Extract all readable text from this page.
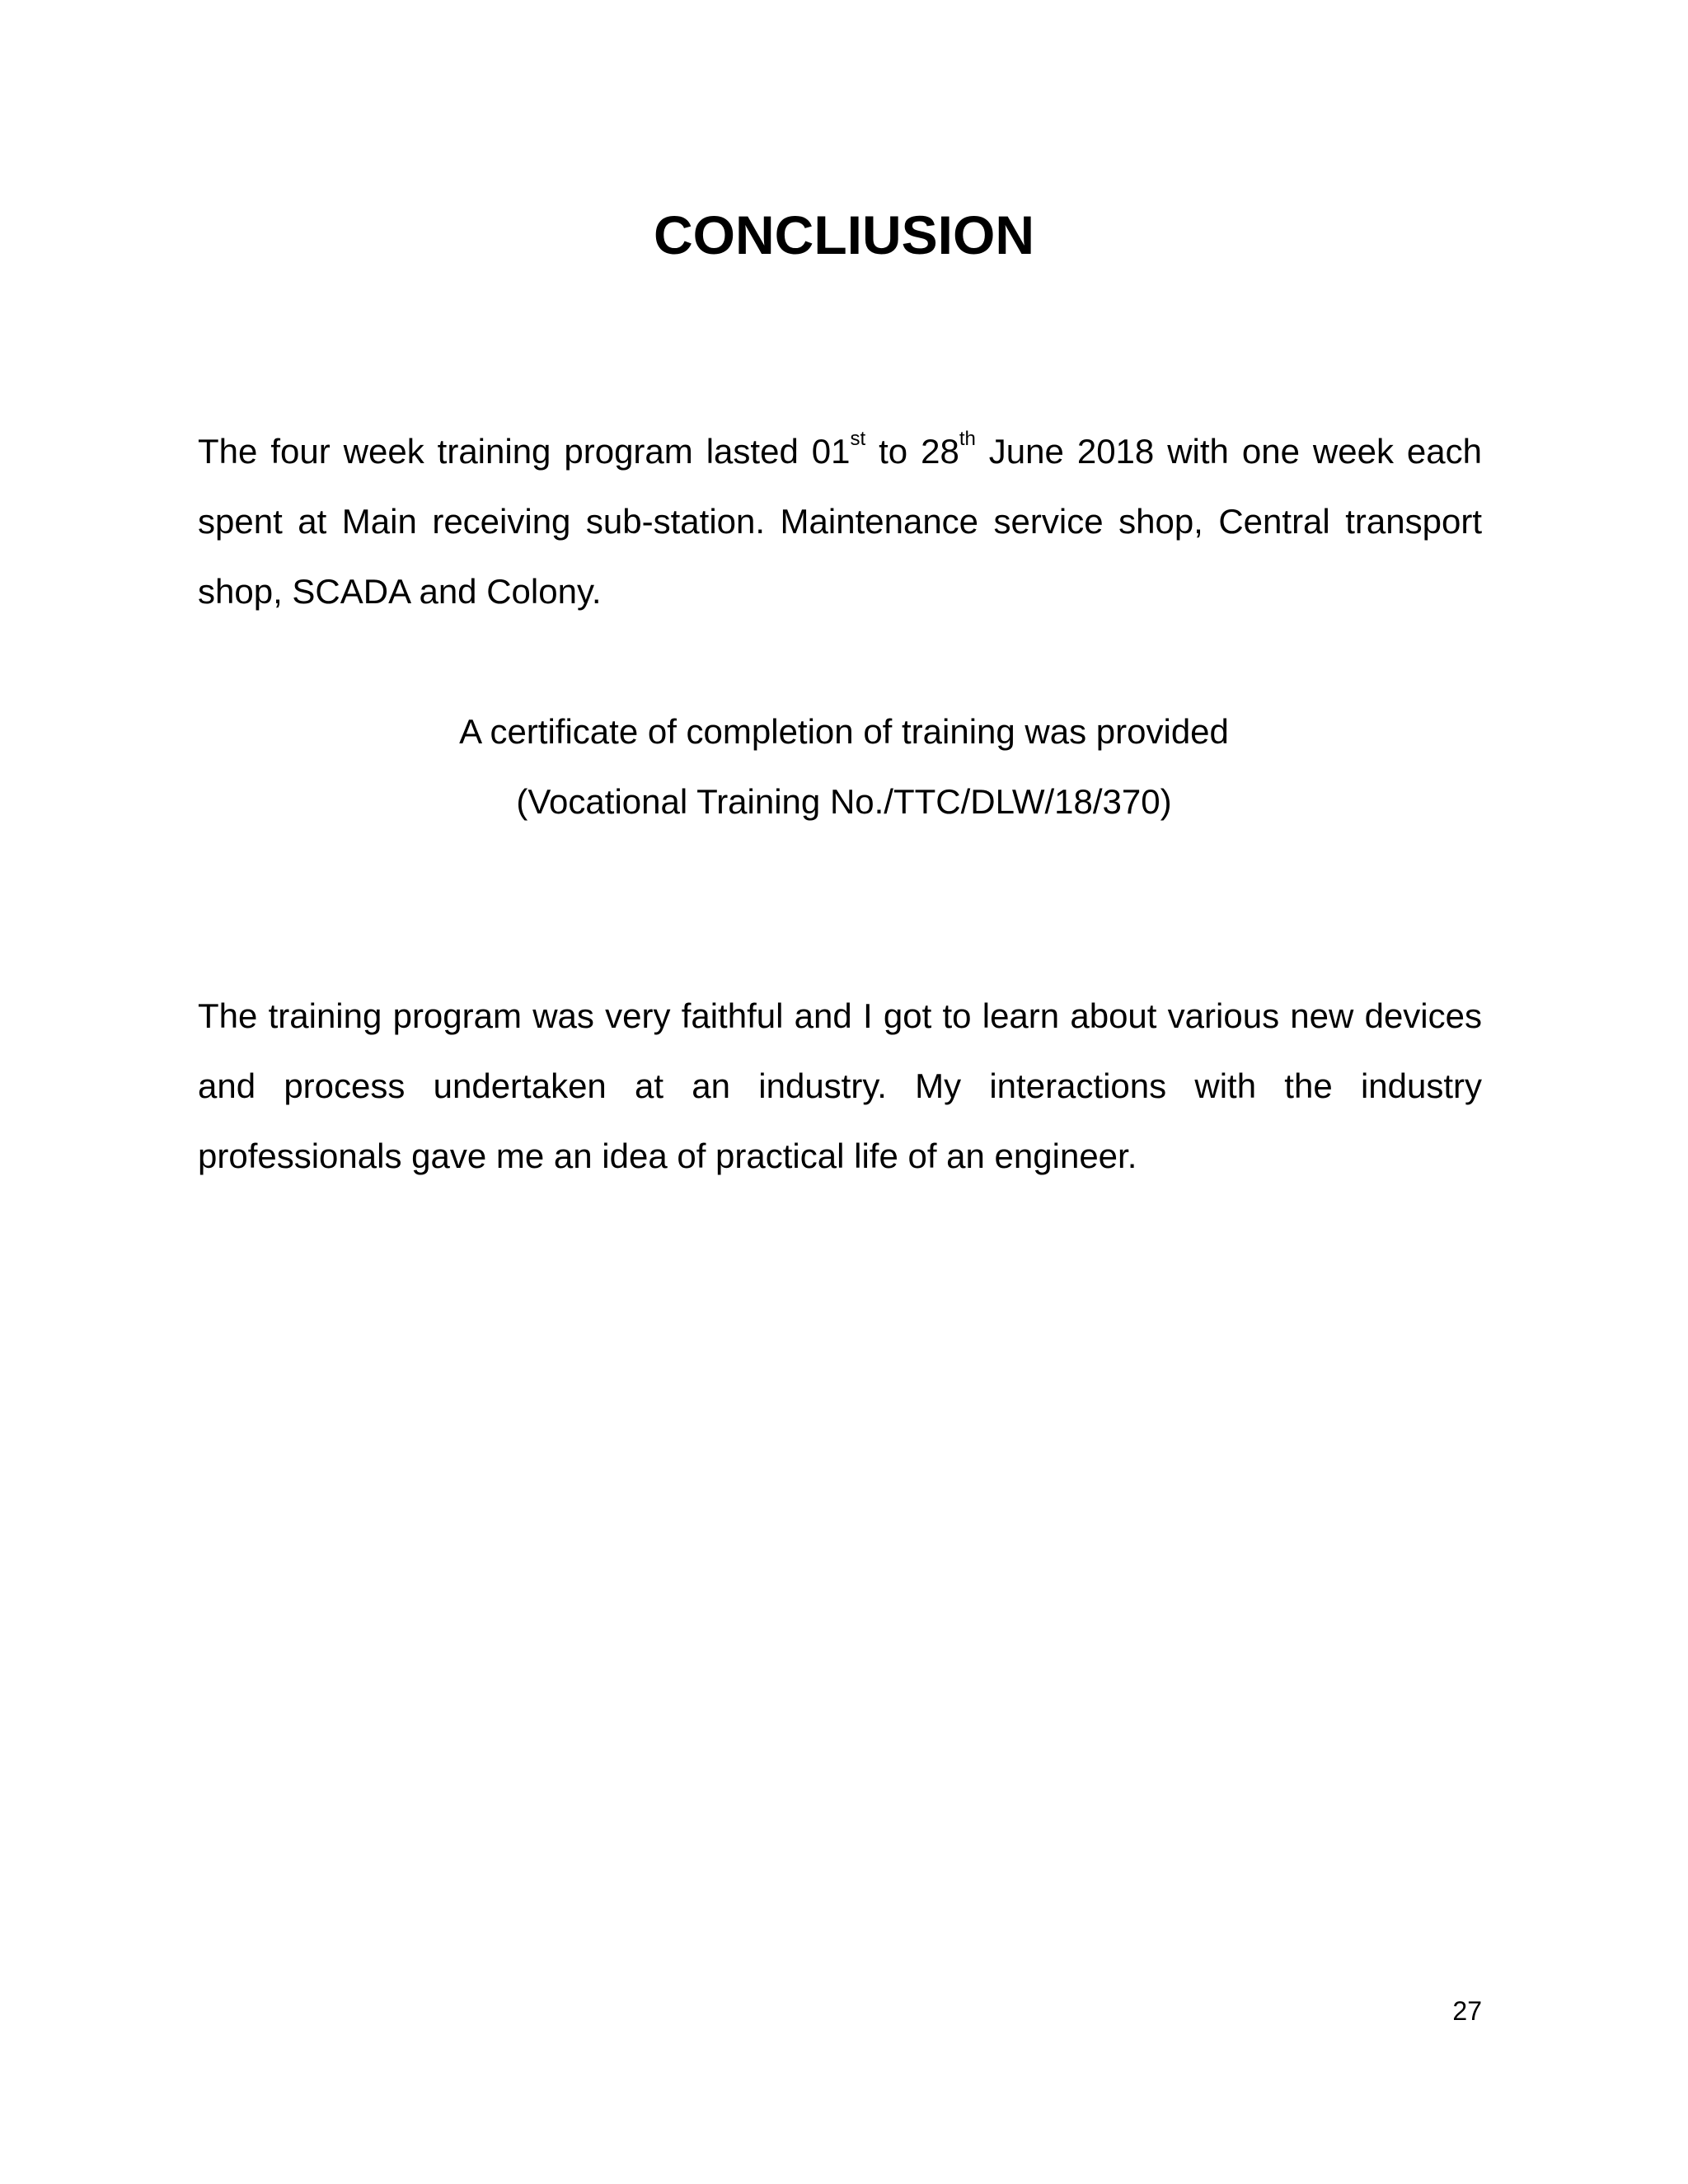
CONCLIUSION

The four week training program lasted 01st to 28th June 2018 with one week each spent at Main receiving sub-station. Maintenance service shop, Central transport shop, SCADA and Colony.

A certificate of completion of training was provided
(Vocational Training No./TTC/DLW/18/370)

The training program was very faithful and I got to learn about various new devices and process undertaken at an industry. My interactions with the industry professionals gave me an idea of practical life of an engineer.

27
